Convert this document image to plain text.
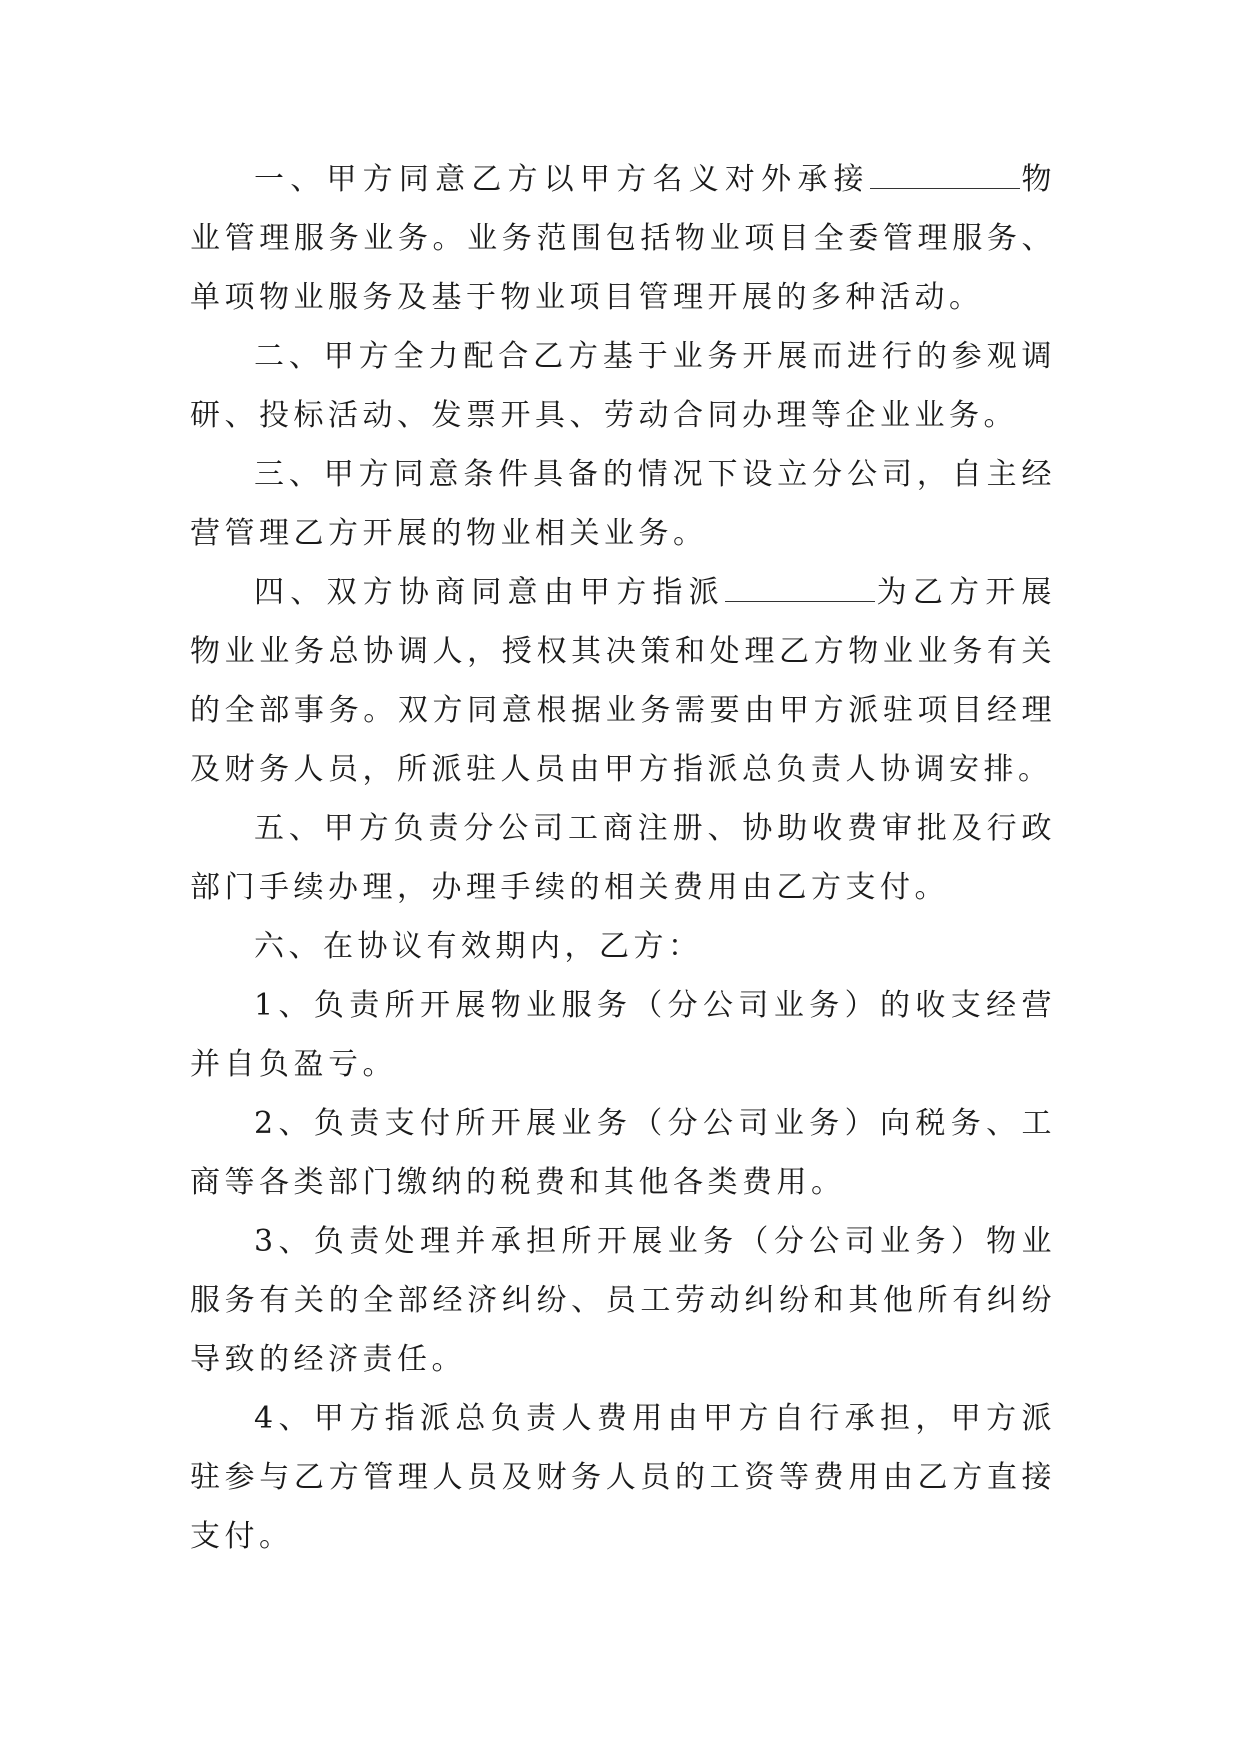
一、甲方同意乙方以甲方名义对外承接	物业管理服务业务。业务范围包括物业项目全委管理服务、单项物业服务及基于物业项目管理开展的多种活动。

二、甲方全力配合乙方基于业务开展而进行的参观调研、投标活动、发票开具、劳动合同办理等企业业务。

三、甲方同意条件具备的情况下设立分公司，自主经营管理乙方开展的物业相关业务。

四、双方协商同意由甲方指派	为乙方开展物业业务总协调人，授权其决策和处理乙方物业业务有关的全部事务。双方同意根据业务需要由甲方派驻项目经理及财务人员，所派驻人员由甲方指派总负责人协调安排。

五、甲方负责分公司工商注册、协助收费审批及行政部门手续办理，办理手续的相关费用由乙方支付。

六、在协议有效期内，乙方：

1、负责所开展物业服务（分公司业务）的收支经营并自负盈亏。

2、负责支付所开展业务（分公司业务）向税务、工商等各类部门缴纳的税费和其他各类费用。

3、负责处理并承担所开展业务（分公司业务）物业服务有关的全部经济纠纷、员工劳动纠纷和其他所有纠纷导致的经济责任。

4、甲方指派总负责人费用由甲方自行承担，甲方派驻参与乙方管理人员及财务人员的工资等费用由乙方直接支付。
